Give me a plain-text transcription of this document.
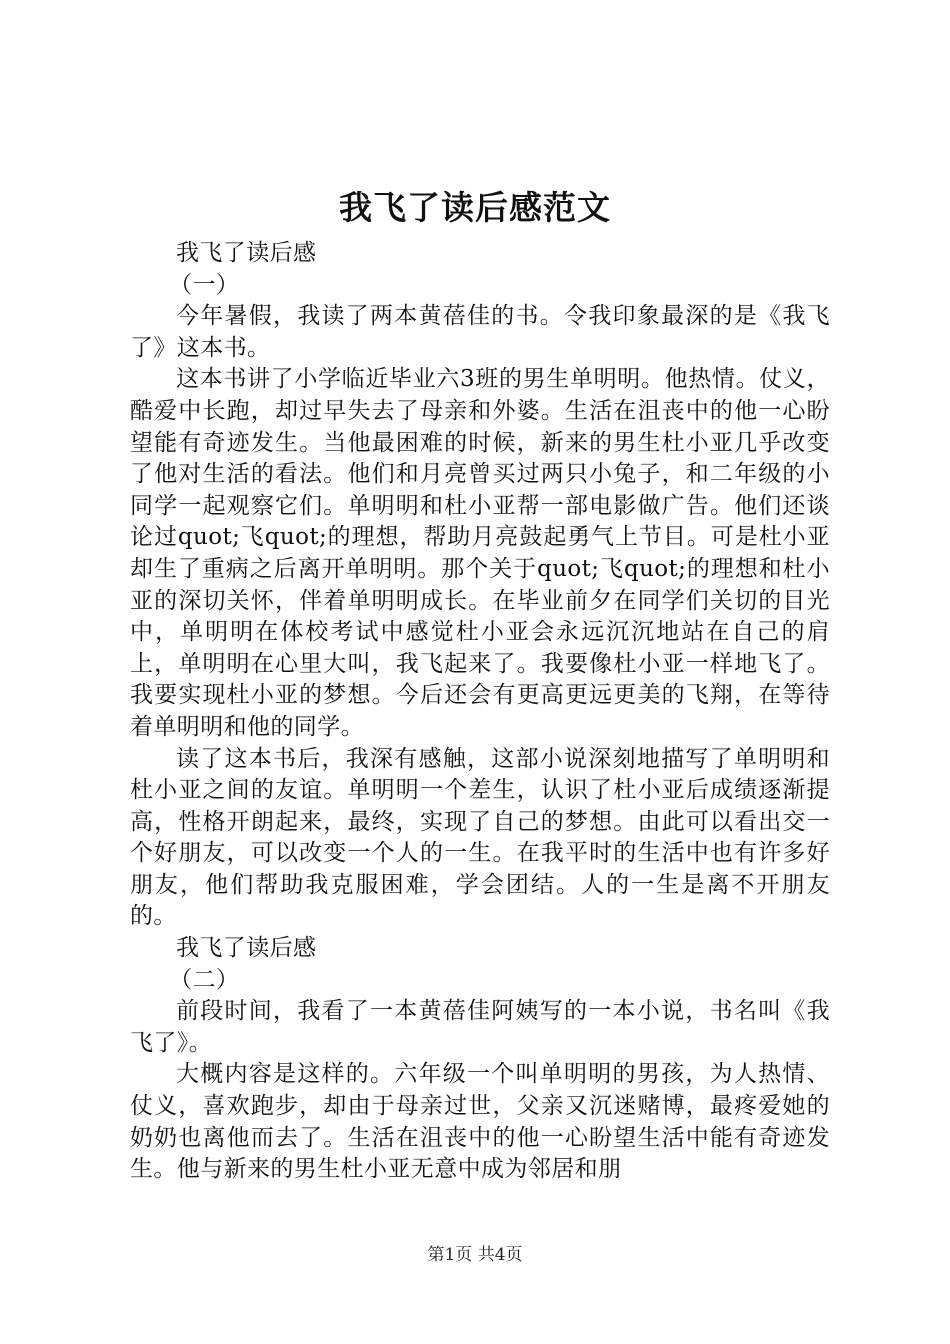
我飞了读后感范文

我飞了读后感

（一）

今年暑假，我读了两本黄蓓佳的书。令我印象最深的是《我飞了》这本书。

这本书讲了小学临近毕业六3班的男生单明明。他热情。仗义，酷爱中长跑，却过早失去了母亲和外婆。生活在沮丧中的他一心盼望能有奇迹发生。当他最困难的时候，新来的男生杜小亚几乎改变了他对生活的看法。他们和月亮曾买过两只小兔子，和二年级的小同学一起观察它们。单明明和杜小亚帮一部电影做广告。他们还谈论过quot;飞quot;的理想，帮助月亮鼓起勇气上节目。可是杜小亚却生了重病之后离开单明明。那个关于quot;飞quot;的理想和杜小亚的深切关怀，伴着单明明成长。在毕业前夕在同学们关切的目光中，单明明在体校考试中感觉杜小亚会永远沉沉地站在自己的肩上，单明明在心里大叫，我飞起来了。我要像杜小亚一样地飞了。我要实现杜小亚的梦想。今后还会有更高更远更美的飞翔，在等待着单明明和他的同学。

读了这本书后，我深有感触，这部小说深刻地描写了单明明和杜小亚之间的友谊。单明明一个差生，认识了杜小亚后成绩逐渐提高，性格开朗起来，最终，实现了自己的梦想。由此可以看出交一个好朋友，可以改变一个人的一生。在我平时的生活中也有许多好朋友，他们帮助我克服困难，学会团结。人的一生是离不开朋友的。

我飞了读后感

（二）

前段时间，我看了一本黄蓓佳阿姨写的一本小说，书名叫《我飞了》。

大概内容是这样的。六年级一个叫单明明的男孩，为人热情、仗义，喜欢跑步，却由于母亲过世，父亲又沉迷赌博，最疼爱她的奶奶也离他而去了。生活在沮丧中的他一心盼望生活中能有奇迹发生。他与新来的男生杜小亚无意中成为邻居和朋

第1页 共4页
